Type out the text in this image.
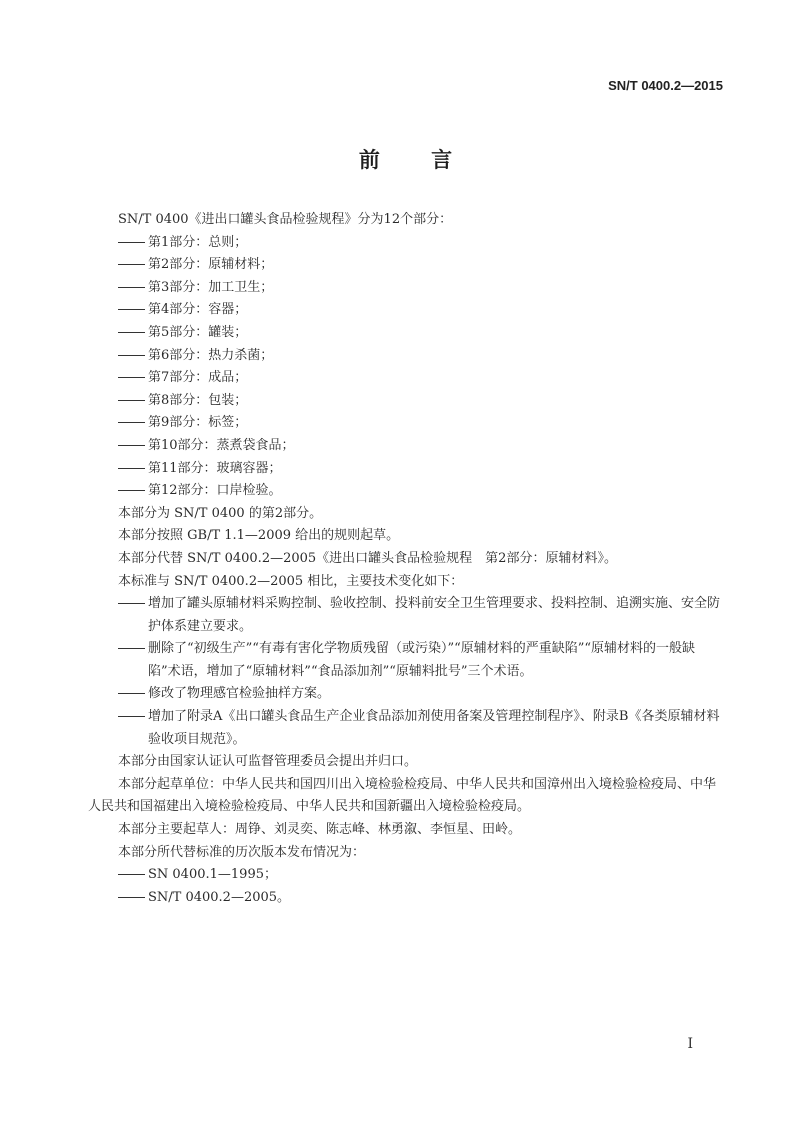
SN/T 0400.2—2015
前 言

SN/T 0400《进出口罐头食品检验规程》分为12个部分：

第1部分：总则；

第2部分：原辅材料；

第3部分：加工卫生；

第4部分：容器；

第5部分：罐装；

第6部分：热力杀菌；

第7部分：成品；

第8部分：包装；

第9部分：标签；

第10部分：蒸煮袋食品；

第11部分：玻璃容器；

第12部分：口岸检验。

本部分为 SN/T 0400 的第2部分。

本部分按照 GB/T 1.1—2009 给出的规则起草。

本部分代替 SN/T 0400.2—2005《进出口罐头食品检验规程　第2部分：原辅材料》。

本标准与 SN/T 0400.2—2005 相比，主要技术变化如下：

增加了罐头原辅材料采购控制、验收控制、投料前安全卫生管理要求、投料控制、追溯实施、安全防护体系建立要求。

删除了“初级生产”“有毒有害化学物质残留（或污染）”“原辅材料的严重缺陷”“原辅材料的一般缺陷”术语，增加了“原辅材料”“食品添加剂”“原辅料批号”三个术语。

修改了物理感官检验抽样方案。

增加了附录A《出口罐头食品生产企业食品添加剂使用备案及管理控制程序》、附录B《各类原辅材料验收项目规范》。

本部分由国家认证认可监督管理委员会提出并归口。

本部分起草单位：中华人民共和国四川出入境检验检疫局、中华人民共和国漳州出入境检验检疫局、中华人民共和国福建出入境检验检疫局、中华人民共和国新疆出入境检验检疫局。

本部分主要起草人：周铮、刘灵奕、陈志峰、林勇溆、李恒星、田岭。

本部分所代替标准的历次版本发布情况为：

SN 0400.1—1995；

SN/T 0400.2—2005。

I
